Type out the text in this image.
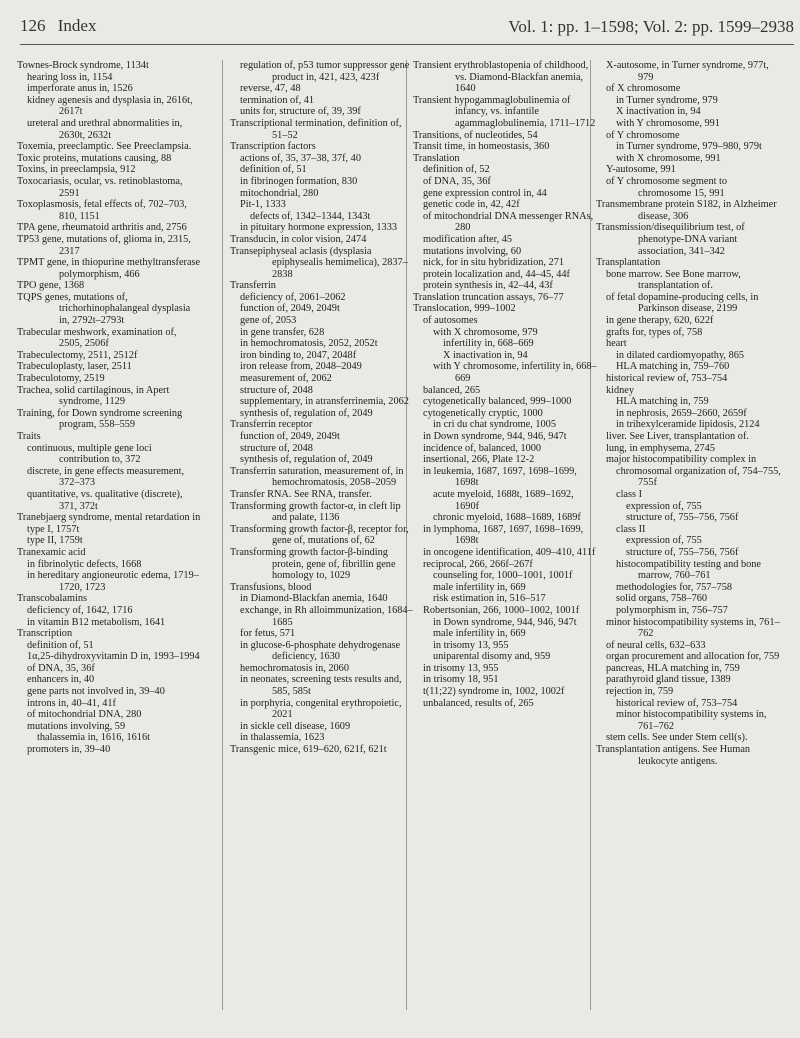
126 Index	Vol. 1: pp. 1–1598; Vol. 2: pp. 1599–2938

Townes-Brock syndrome, 1134t

hearing loss in, 1154

imperforate anus in, 1526

kidney agenesis and dysplasia in, 2616t, 2617t

ureteral and urethral abnormalities in, 2630t, 2632t

Toxemia, preeclamptic. See Preeclampsia.

Toxic proteins, mutations causing, 88

Toxins, in preeclampsia, 912

Toxocariasis, ocular, vs. retinoblastoma, 2591

Toxoplasmosis, fetal effects of, 702–703, 810, 1151

TPA gene, rheumatoid arthritis and, 2756

TP53 gene, mutations of, glioma in, 2315, 2317

TPMT gene, in thiopurine methyltransferase polymorphism, 466

TPO gene, 1368

TQPS genes, mutations of, trichorhinophalangeal dysplasia in, 2792t–2793t

Trabecular meshwork, examination of, 2505, 2506f

Trabeculectomy, 2511, 2512f

Trabeculoplasty, laser, 2511

Trabeculotomy, 2519

Trachea, solid cartilaginous, in Apert syndrome, 1129

Training, for Down syndrome screening program, 558–559

Traits

continuous, multiple gene loci contribution to, 372

discrete, in gene effects measurement, 372–373

quantitative, vs. qualitative (discrete), 371, 372t

Tranebjaerg syndrome, mental retardation in

type I, 1757t

type II, 1759t

Tranexamic acid

in fibrinolytic defects, 1668

in hereditary angioneurotic edema, 1719–1720, 1723

Transcobalamins

deficiency of, 1642, 1716

in vitamin B12 metabolism, 1641

Transcription

definition of, 51

1α,25-dihydroxyvitamin D in, 1993–1994

of DNA, 35, 36f

enhancers in, 40

gene parts not involved in, 39–40

introns in, 40–41, 41f

of mitochondrial DNA, 280

mutations involving, 59

thalassemia in, 1616, 1616t

promoters in, 39–40

regulation of, p53 tumor suppressor gene product in, 421, 423, 423f

reverse, 47, 48

termination of, 41

units for, structure of, 39, 39f

Transcriptional termination, definition of, 51–52

Transcription factors

actions of, 35, 37–38, 37f, 40

definition of, 51

in fibrinogen formation, 830

mitochondrial, 280

Pit-1, 1333

defects of, 1342–1344, 1343t

in pituitary hormone expression, 1333

Transducin, in color vision, 2474

Transepiphyseal aclasis (dysplasia epiphysealis hemimelica), 2837–2838

Transferrin

deficiency of, 2061–2062

function of, 2049, 2049t

gene of, 2053

in gene transfer, 628

in hemochromatosis, 2052, 2052t

iron binding to, 2047, 2048f

iron release from, 2048–2049

measurement of, 2062

structure of, 2048

supplementary, in atransferrinemia, 2062

synthesis of, regulation of, 2049

Transferrin receptor

function of, 2049, 2049t

structure of, 2048

synthesis of, regulation of, 2049

Transferrin saturation, measurement of, in hemochromatosis, 2058–2059

Transfer RNA. See RNA, transfer.

Transforming growth factor-α, in cleft lip and palate, 1136

Transforming growth factor-β, receptor for, gene of, mutations of, 62

Transforming growth factor-β-binding protein, gene of, fibrillin gene homology to, 1029

Transfusions, blood

in Diamond-Blackfan anemia, 1640

exchange, in Rh alloimmunization, 1684–1685

for fetus, 571

in glucose-6-phosphate dehydrogenase deficiency, 1630

hemochromatosis in, 2060

in neonates, screening tests results and, 585, 585t

in porphyria, congenital erythropoietic, 2021

in sickle cell disease, 1609

in thalassemia, 1623

Transgenic mice, 619–620, 621f, 621t

Transient erythroblastopenia of childhood, vs. Diamond-Blackfan anemia, 1640

Transient hypogammaglobulinemia of infancy, vs. infantile agammaglobulinemia, 1711–1712

Transitions, of nucleotides, 54

Transit time, in homeostasis, 360

Translation

definition of, 52

of DNA, 35, 36f

gene expression control in, 44

genetic code in, 42, 42f

of mitochondrial DNA messenger RNAs, 280

modification after, 45

mutations involving, 60

nick, for in situ hybridization, 271

protein localization and, 44–45, 44f

protein synthesis in, 42–44, 43f

Translation truncation assays, 76–77

Translocation, 999–1002

of autosomes

with X chromosome, 979

infertility in, 668–669

X inactivation in, 94

with Y chromosome, infertility in, 668–669

balanced, 265

cytogenetically balanced, 999–1000

cytogenetically cryptic, 1000

in cri du chat syndrome, 1005

in Down syndrome, 944, 946, 947t

incidence of, balanced, 1000

insertional, 266, Plate 12-2

in leukemia, 1687, 1697, 1698–1699, 1698t

acute myeloid, 1688t, 1689–1692, 1690f

chronic myeloid, 1688–1689, 1689f

in lymphoma, 1687, 1697, 1698–1699, 1698t

in oncogene identification, 409–410, 411f

reciprocal, 266, 266f–267f

counseling for, 1000–1001, 1001f

male infertility in, 669

risk estimation in, 516–517

Robertsonian, 266, 1000–1002, 1001f

in Down syndrome, 944, 946, 947t

male infertility in, 669

in trisomy 13, 955

uniparental disomy and, 959

in trisomy 13, 955

in trisomy 18, 951

t(11;22) syndrome in, 1002, 1002f

unbalanced, results of, 265

X-autosome, in Turner syndrome, 977t, 979

of X chromosome

in Turner syndrome, 979

X inactivation in, 94

with Y chromosome, 991

of Y chromosome

in Turner syndrome, 979–980, 979t

with X chromosome, 991

Y-autosome, 991

of Y chromosome segment to chromosome 15, 991

Transmembrane protein S182, in Alzheimer disease, 306

Transmission/disequilibrium test, of phenotype-DNA variant association, 341–342

Transplantation

bone marrow. See Bone marrow, transplantation of.

of fetal dopamine-producing cells, in Parkinson disease, 2199

in gene therapy, 620, 622f

grafts for, types of, 758

heart

in dilated cardiomyopathy, 865

HLA matching in, 759–760

historical review of, 753–754

kidney

HLA matching in, 759

in nephrosis, 2659–2660, 2659f

in trihexylceramide lipidosis, 2124

liver. See Liver, transplantation of.

lung, in emphysema, 2745

major histocompatibility complex in

chromosomal organization of, 754–755, 755f

class I

expression of, 755

structure of, 755–756, 756f

class II

expression of, 755

structure of, 755–756, 756f

histocompatibility testing and bone marrow, 760–761

methodologies for, 757–758

solid organs, 758–760

polymorphism in, 756–757

minor histocompatibility systems in, 761–762

of neural cells, 632–633

organ procurement and allocation for, 759

pancreas, HLA matching in, 759

parathyroid gland tissue, 1389

rejection in, 759

historical review of, 753–754

minor histocompatibility systems in, 761–762

stem cells. See under Stem cell(s).

Transplantation antigens. See Human leukocyte antigens.
